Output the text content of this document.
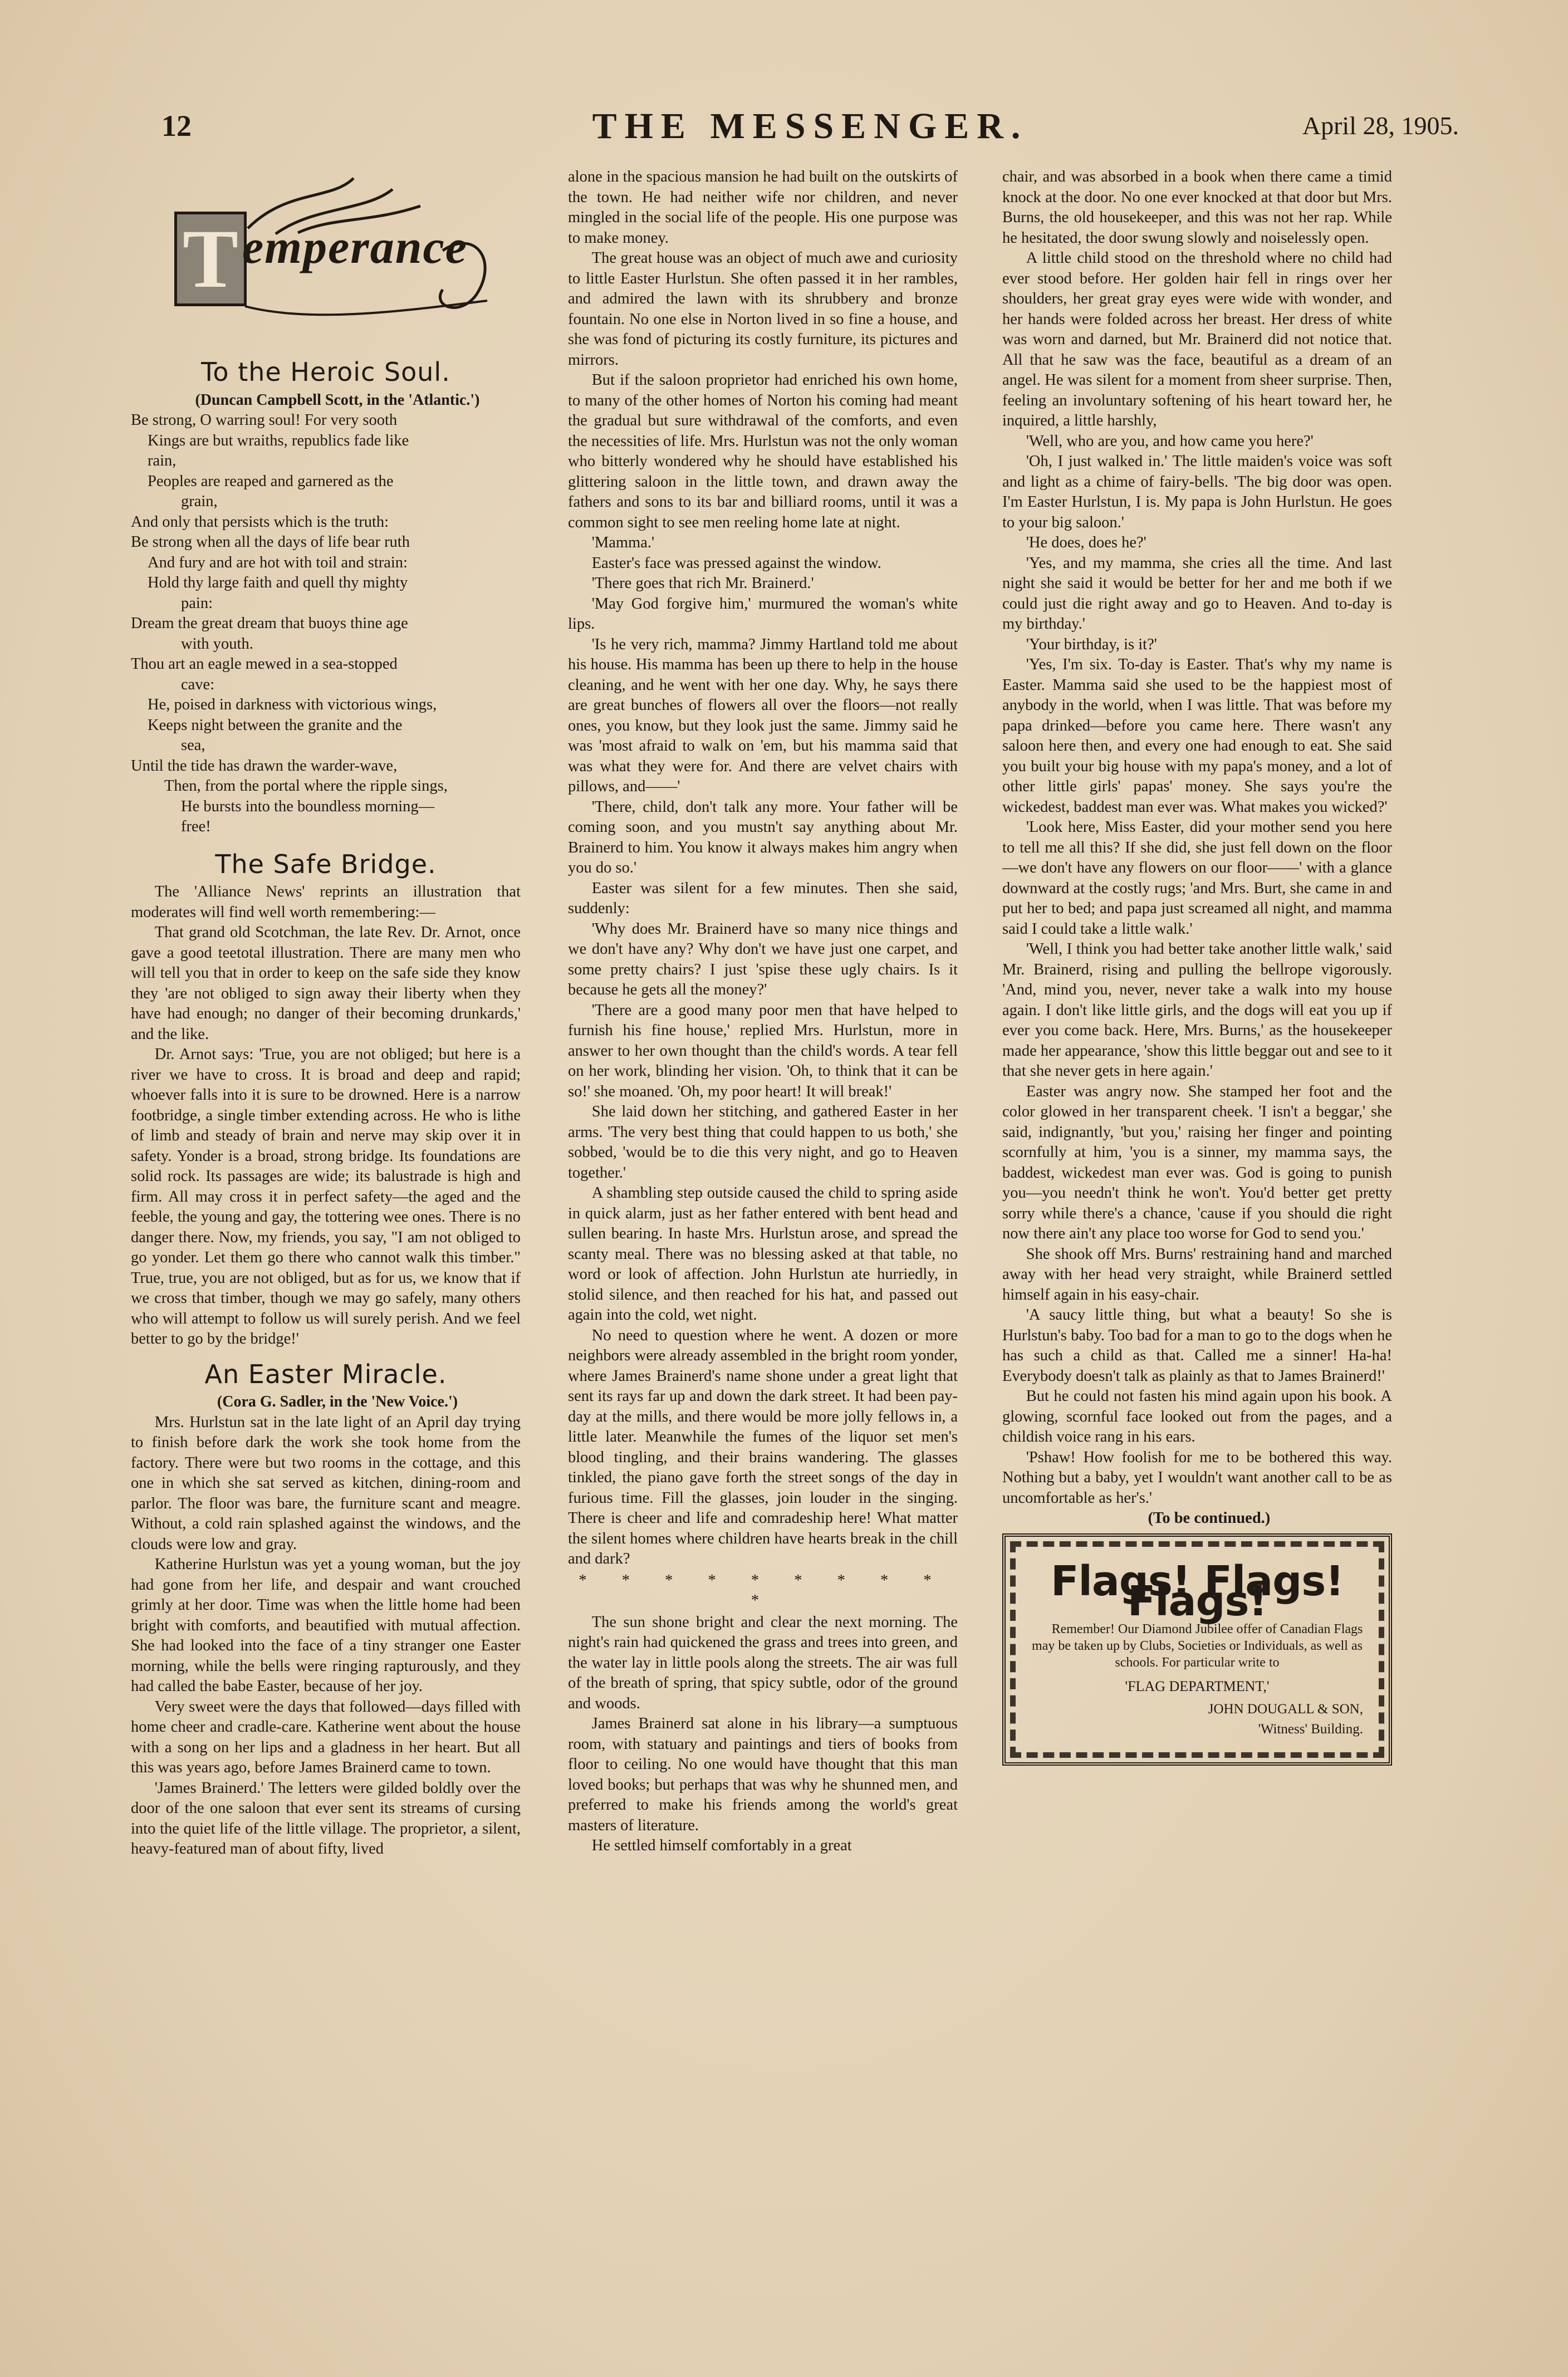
12	THE MESSENGER.	April 28, 1905.
T emperance
To the Heroic Soul.

(Duncan Campbell Scott, in the 'Atlantic.')

Be strong, O warring soul! For very sooth
Kings are but wraiths, republics fade like
rain,
Peoples are reaped and garnered as the
grain,
And only that persists which is the truth:
Be strong when all the days of life bear ruth
And fury and are hot with toil and strain:
Hold thy large faith and quell thy mighty
pain:
Dream the great dream that buoys thine age
with youth.
Thou art an eagle mewed in a sea-stopped
cave:
He, poised in darkness with victorious wings,
Keeps night between the granite and the
sea,
Until the tide has drawn the warder-wave,
Then, from the portal where the ripple sings,
He bursts into the boundless morning—
free!
The Safe Bridge.

The 'Alliance News' reprints an illustration that moderates will find well worth remembering:—

That grand old Scotchman, the late Rev. Dr. Arnot, once gave a good teetotal illustration. There are many men who will tell you that in order to keep on the safe side they know they 'are not obliged to sign away their liberty when they have had enough; no danger of their becoming drunkards,' and the like.

Dr. Arnot says: 'True, you are not obliged; but here is a river we have to cross. It is broad and deep and rapid; whoever falls into it is sure to be drowned. Here is a narrow footbridge, a single timber extending across. He who is lithe of limb and steady of brain and nerve may skip over it in safety. Yonder is a broad, strong bridge. Its foundations are solid rock. Its passages are wide; its balustrade is high and firm. All may cross it in perfect safety—the aged and the feeble, the young and gay, the tottering wee ones. There is no danger there. Now, my friends, you say, "I am not obliged to go yonder. Let them go there who cannot walk this timber." True, true, you are not obliged, but as for us, we know that if we cross that timber, though we may go safely, many others who will attempt to follow us will surely perish. And we feel better to go by the bridge!'

An Easter Miracle.

(Cora G. Sadler, in the 'New Voice.')

Mrs. Hurlstun sat in the late light of an April day trying to finish before dark the work she took home from the factory. There were but two rooms in the cottage, and this one in which she sat served as kitchen, dining-room and parlor. The floor was bare, the furniture scant and meagre. Without, a cold rain splashed against the windows, and the clouds were low and gray.

Katherine Hurlstun was yet a young woman, but the joy had gone from her life, and despair and want crouched grimly at her door. Time was when the little home had been bright with comforts, and beautified with mutual affection. She had looked into the face of a tiny stranger one Easter morning, while the bells were ringing rapturously, and they had called the babe Easter, because of her joy.

Very sweet were the days that followed—days filled with home cheer and cradle-care. Katherine went about the house with a song on her lips and a gladness in her heart. But all this was years ago, before James Brainerd came to town.

'James Brainerd.' The letters were gilded boldly over the door of the one saloon that ever sent its streams of cursing into the quiet life of the little village. The proprietor, a silent, heavy-featured man of about fifty, lived

alone in the spacious mansion he had built on the outskirts of the town. He had neither wife nor children, and never mingled in the social life of the people. His one purpose was to make money.

The great house was an object of much awe and curiosity to little Easter Hurlstun. She often passed it in her rambles, and admired the lawn with its shrubbery and bronze fountain. No one else in Norton lived in so fine a house, and she was fond of picturing its costly furniture, its pictures and mirrors.

But if the saloon proprietor had enriched his own home, to many of the other homes of Norton his coming had meant the gradual but sure withdrawal of the comforts, and even the necessities of life. Mrs. Hurlstun was not the only woman who bitterly wondered why he should have established his glittering saloon in the little town, and drawn away the fathers and sons to its bar and billiard rooms, until it was a common sight to see men reeling home late at night.

'Mamma.'

Easter's face was pressed against the window.

'There goes that rich Mr. Brainerd.'

'May God forgive him,' murmured the woman's white lips.

'Is he very rich, mamma? Jimmy Hartland told me about his house. His mamma has been up there to help in the house cleaning, and he went with her one day. Why, he says there are great bunches of flowers all over the floors—not really ones, you know, but they look just the same. Jimmy said he was 'most afraid to walk on 'em, but his mamma said that was what they were for. And there are velvet chairs with pillows, and——'

'There, child, don't talk any more. Your father will be coming soon, and you mustn't say anything about Mr. Brainerd to him. You know it always makes him angry when you do so.'

Easter was silent for a few minutes. Then she said, suddenly:

'Why does Mr. Brainerd have so many nice things and we don't have any? Why don't we have just one carpet, and some pretty chairs? I just 'spise these ugly chairs. Is it because he gets all the money?'

'There are a good many poor men that have helped to furnish his fine house,' replied Mrs. Hurlstun, more in answer to her own thought than the child's words. A tear fell on her work, blinding her vision. 'Oh, to think that it can be so!' she moaned. 'Oh, my poor heart! It will break!'

She laid down her stitching, and gathered Easter in her arms. 'The very best thing that could happen to us both,' she sobbed, 'would be to die this very night, and go to Heaven together.'

A shambling step outside caused the child to spring aside in quick alarm, just as her father entered with bent head and sullen bearing. In haste Mrs. Hurlstun arose, and spread the scanty meal. There was no blessing asked at that table, no word or look of affection. John Hurlstun ate hurriedly, in stolid silence, and then reached for his hat, and passed out again into the cold, wet night.

No need to question where he went. A dozen or more neighbors were already assembled in the bright room yonder, where James Brainerd's name shone under a great light that sent its rays far up and down the dark street. It had been pay-day at the mills, and there would be more jolly fellows in, a little later. Meanwhile the fumes of the liquor set men's blood tingling, and their brains wandering. The glasses tinkled, the piano gave forth the street songs of the day in furious time. Fill the glasses, join louder in the singing. There is cheer and life and comradeship here! What matter the silent homes where children have hearts break in the chill and dark?

* * * * * * * * * *

The sun shone bright and clear the next morning. The night's rain had quickened the grass and trees into green, and the water lay in little pools along the streets. The air was full of the breath of spring, that spicy subtle, odor of the ground and woods.

James Brainerd sat alone in his library—a sumptuous room, with statuary and paintings and tiers of books from floor to ceiling. No one would have thought that this man loved books; but perhaps that was why he shunned men, and preferred to make his friends among the world's great masters of literature.

He settled himself comfortably in a great

chair, and was absorbed in a book when there came a timid knock at the door. No one ever knocked at that door but Mrs. Burns, the old housekeeper, and this was not her rap. While he hesitated, the door swung slowly and noiselessly open.

A little child stood on the threshold where no child had ever stood before. Her golden hair fell in rings over her shoulders, her great gray eyes were wide with wonder, and her hands were folded across her breast. Her dress of white was worn and darned, but Mr. Brainerd did not notice that. All that he saw was the face, beautiful as a dream of an angel. He was silent for a moment from sheer surprise. Then, feeling an involuntary softening of his heart toward her, he inquired, a little harshly,

'Well, who are you, and how came you here?'

'Oh, I just walked in.' The little maiden's voice was soft and light as a chime of fairy-bells. 'The big door was open. I'm Easter Hurlstun, I is. My papa is John Hurlstun. He goes to your big saloon.'

'He does, does he?'

'Yes, and my mamma, she cries all the time. And last night she said it would be better for her and me both if we could just die right away and go to Heaven. And to-day is my birthday.'

'Your birthday, is it?'

'Yes, I'm six. To-day is Easter. That's why my name is Easter. Mamma said she used to be the happiest most of anybody in the world, when I was little. That was before my papa drinked—before you came here. There wasn't any saloon here then, and every one had enough to eat. She said you built your big house with my papa's money, and a lot of other little girls' papas' money. She says you're the wickedest, baddest man ever was. What makes you wicked?'

'Look here, Miss Easter, did your mother send you here to tell me all this? If she did, she just fell down on the floor—we don't have any flowers on our floor——' with a glance downward at the costly rugs; 'and Mrs. Burt, she came in and put her to bed; and papa just screamed all night, and mamma said I could take a little walk.'

'Well, I think you had better take another little walk,' said Mr. Brainerd, rising and pulling the bellrope vigorously. 'And, mind you, never, never take a walk into my house again. I don't like little girls, and the dogs will eat you up if ever you come back. Here, Mrs. Burns,' as the housekeeper made her appearance, 'show this little beggar out and see to it that she never gets in here again.'

Easter was angry now. She stamped her foot and the color glowed in her transparent cheek. 'I isn't a beggar,' she said, indignantly, 'but you,' raising her finger and pointing scornfully at him, 'you is a sinner, my mamma says, the baddest, wickedest man ever was. God is going to punish you—you needn't think he won't. You'd better get pretty sorry while there's a chance, 'cause if you should die right now there ain't any place too worse for God to send you.'

She shook off Mrs. Burns' restraining hand and marched away with her head very straight, while Brainerd settled himself again in his easy-chair.

'A saucy little thing, but what a beauty! So she is Hurlstun's baby. Too bad for a man to go to the dogs when he has such a child as that. Called me a sinner! Ha-ha! Everybody doesn't talk as plainly as that to James Brainerd!'

But he could not fasten his mind again upon his book. A glowing, scornful face looked out from the pages, and a childish voice rang in his ears.

'Pshaw! How foolish for me to be bothered this way. Nothing but a baby, yet I wouldn't want another call to be as uncomfortable as her's.'

(To be continued.)

Flags! Flags! Flags!

Remember! Our Diamond Jubilee offer of Canadian Flags may be taken up by Clubs, Societies or Individuals, as well as schools. For particular write to

'FLAG DEPARTMENT,'
JOHN DOUGALL & SON,
'Witness' Building.
